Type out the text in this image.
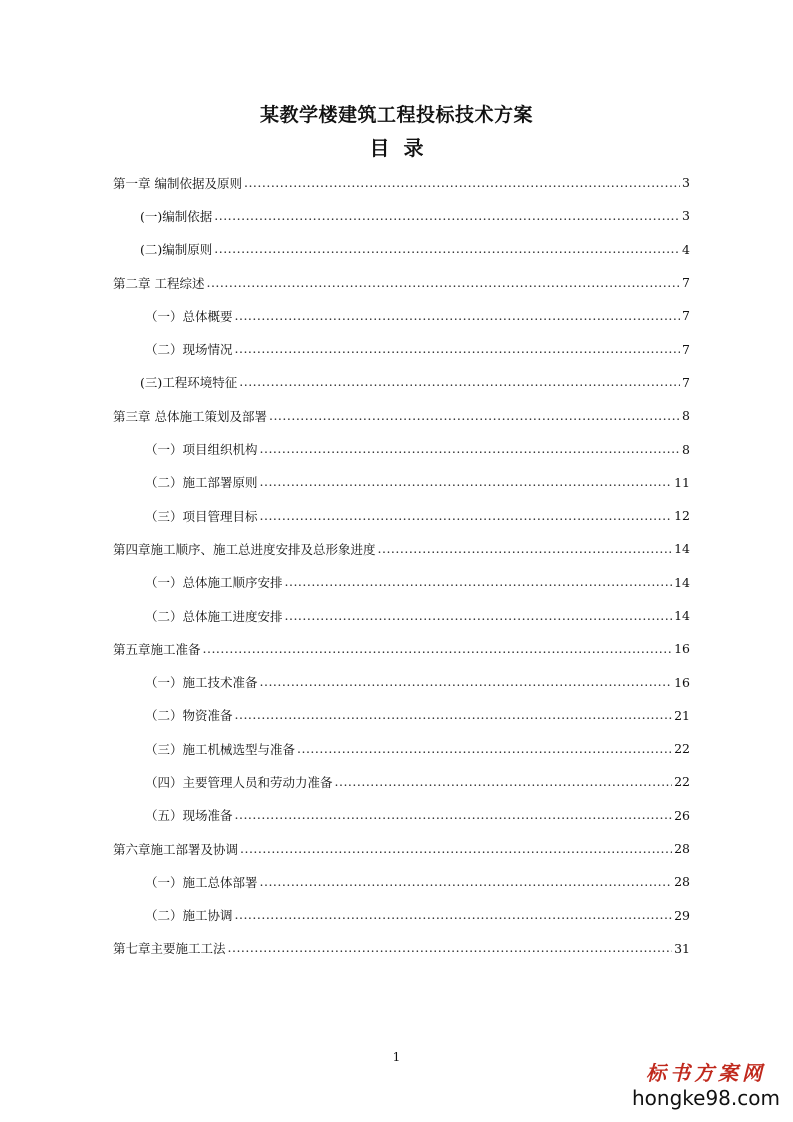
某教学楼建筑工程投标技术方案
目录
第一章 编制依据及原则 .....	3
(一)编制依据 .....	3
(二)编制原则 .....	4
第二章 工程综述 .....	7
（一）总体概要 .....	7
（二）现场情况 .....	7
(三)工程环境特征 .....	7
第三章 总体施工策划及部署 .....	8
（一）项目组织机构 .....	8
（二）施工部署原则 .....	11
（三）项目管理目标 .....	12
第四章施工顺序、施工总进度安排及总形象进度 .....	14
（一）总体施工顺序安排 .....	14
（二）总体施工进度安排 .....	14
第五章施工准备 .....	16
（一）施工技术准备 .....	16
（二）物资准备 .....	21
（三）施工机械选型与准备 .....	22
（四）主要管理人员和劳动力准备 .....	22
（五）现场准备 .....	26
第六章施工部署及协调 .....	28
（一）施工总体部署 .....	28
（二）施工协调 .....	29
第七章主要施工工法 .....	31
1
标书方案网
hongke98.com
